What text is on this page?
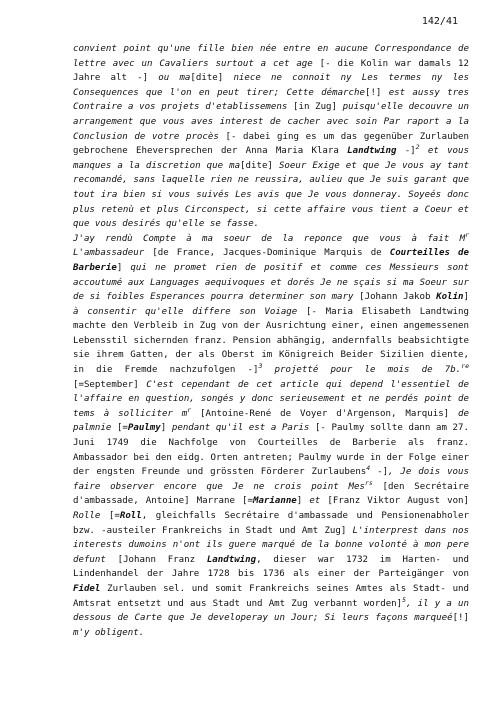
142/41

convient point qu'une fille bien née entre en aucune Correspondance de lettre avec un Cavaliers surtout a cet age [- die Kolin war damals 12 Jahre alt -] ou ma[dite] niece ne connoit ny Les termes ny les Consequences que l'on en peut tirer; Cette démarche[!] est aussy tres Contraire a vos projets d'etablissemens [in Zug] puisqu'elle decouvre un arrangement que vous aves interest de cacher avec soin Par raport a la Conclusion de votre procès [- dabei ging es um das gegenüber Zurlauben gebrochene Eheversprechen der Anna Maria Klara Landtwing -]$^2$ et vous manques a la discretion que ma[dite] Soeur Exige et que Je vous ay tant recomandé, sans laquelle rien ne reussira, aulieu que Je suis garant que tout ira bien si vous suivés Les avis que Je vous donneray. Soyeés donc plus retenù et plus Circonspect, si cette affaire vous tient a Coeur et que vous desirés qu'elle se fasse.

J'ay rendù Compte à ma soeur de la reponce que vous à fait $M^r$ L'ambassadeur [de France, Jacques-Dominique Marquis de Courteilles de Barberie] qui ne promet rien de positif et comme ces Messieurs sont accoutumé aux Languages aequivoques et dorés Je ne sçais si ma Soeur sur de si foibles Esperances pourra determiner son mary [Johann Jakob Kolin] à consentir qu'elle differe son Voiage [- Maria Elisabeth Landtwing machte den Verbleib in Zug von der Ausrichtung einer, einen angemessenen Lebensstil sichernden franz. Pension abhängig, andernfalls beabsichtigte sie ihrem Gatten, der als Oberst im Königreich Beider Sizilien diente, in die Fremde nachzufolgen -]$^3$ projetté pour le mois de 7b.$^{re}$ [=September] C'est cependant de cet article qui depend l'essentiel de l'affaire en question, songés y donc serieusement et ne perdés point de tems à solliciter $m^r$ [Antoine-René de Voyer d'Argenson, Marquis] de palmnie [=Paulmy] pendant qu'il est a Paris [- Paulmy sollte dann am 27. Juni 1749 die Nachfolge von Courteilles de Barberie als franz. Ambassador bei den eidg. Orten antreten; Paulmy wurde in der Folge einer der engsten Freunde und grössten Förderer Zurlaubens$^4$ -], Je dois vous faire observer encore que Je ne crois point Mes$^{rs}$ [den Secrétaire d'ambassade, Antoine] Marrane [=Marianne] et [Franz Viktor August von] Rolle [=Roll, gleichfalls Secrétaire d'ambassade und Pensionenabholer bzw. -austeiler Frankreichs in Stadt und Amt Zug] L'interprest dans nos interests dumoins n'ont ils guere marqué de la bonne volonté à mon pere defunt [Johann Franz Landtwing, dieser war 1732 im Harten- und Lindenhandel der Jahre 1728 bis 1736 als einer der Parteigänger von Fidel Zurlauben sel. und somit Frankreichs seines Amtes als Stadt- und Amtsrat entsetzt und aus Stadt und Amt Zug verbannt worden]$^5$, il y a un dessous de Carte que Je developeray un Jour; Si leurs façons marqueé[!] m'y obligent.
